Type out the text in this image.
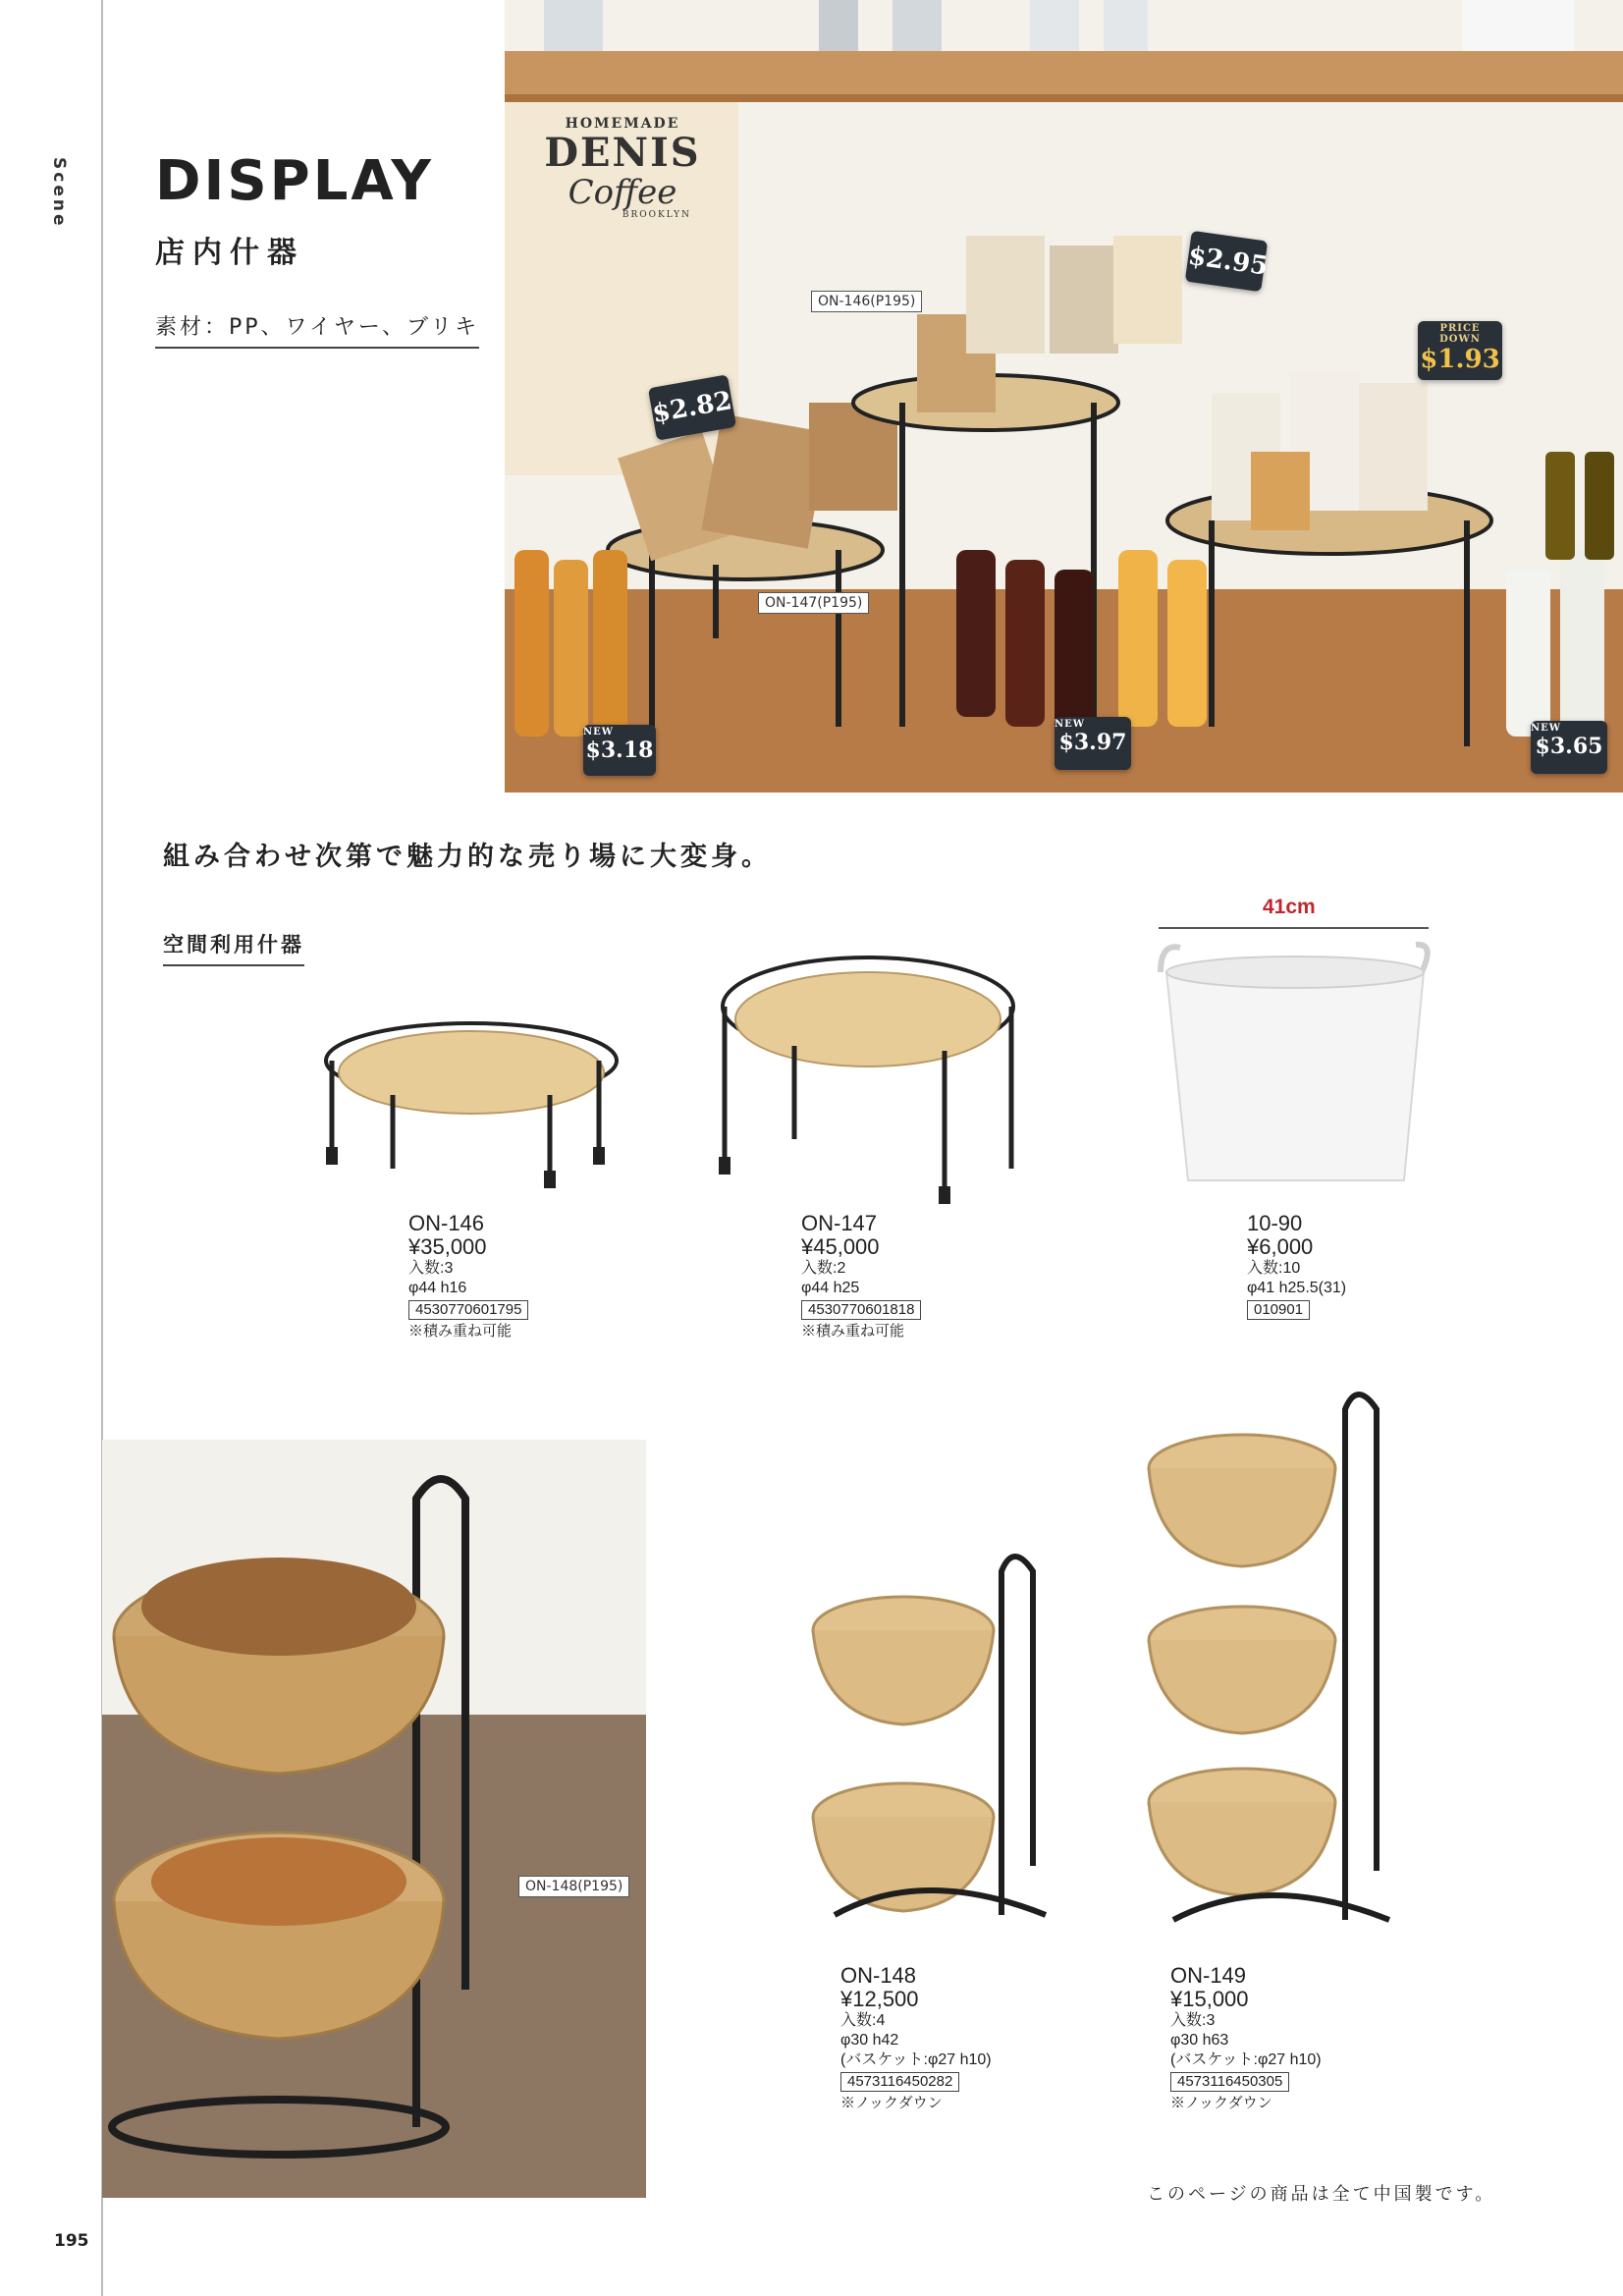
Scene DISPLAY
店内什器
素材：PP、ワイヤー、ブリキ
HOMEMADE
DENIS
Coffee
BROOKLYN
ON-146(P195)
ON-147(P195)
$2.95
PRICE DOWN
$1.93
$2.82
NEW
$3.18
NEW
$3.97
NEW
$3.65
組み合わせ次第で魅力的な売り場に大変身。
空間利用什器
41cm
ON-146
¥35,000
入数:3
φ44 h16
4530770601795
※積み重ね可能
ON-147
¥45,000
入数:2
φ44 h25
4530770601818
※積み重ね可能
10-90
¥6,000
入数:10
φ41 h25.5(31)
010901
ON-148(P195)
ON-148
¥12,500
入数:4
φ30 h42
(バスケット:φ27 h10)
4573116450282
※ノックダウン
ON-149
¥15,000
入数:3
φ30 h63
(バスケット:φ27 h10)
4573116450305
※ノックダウン
このページの商品は全て中国製です。
195
